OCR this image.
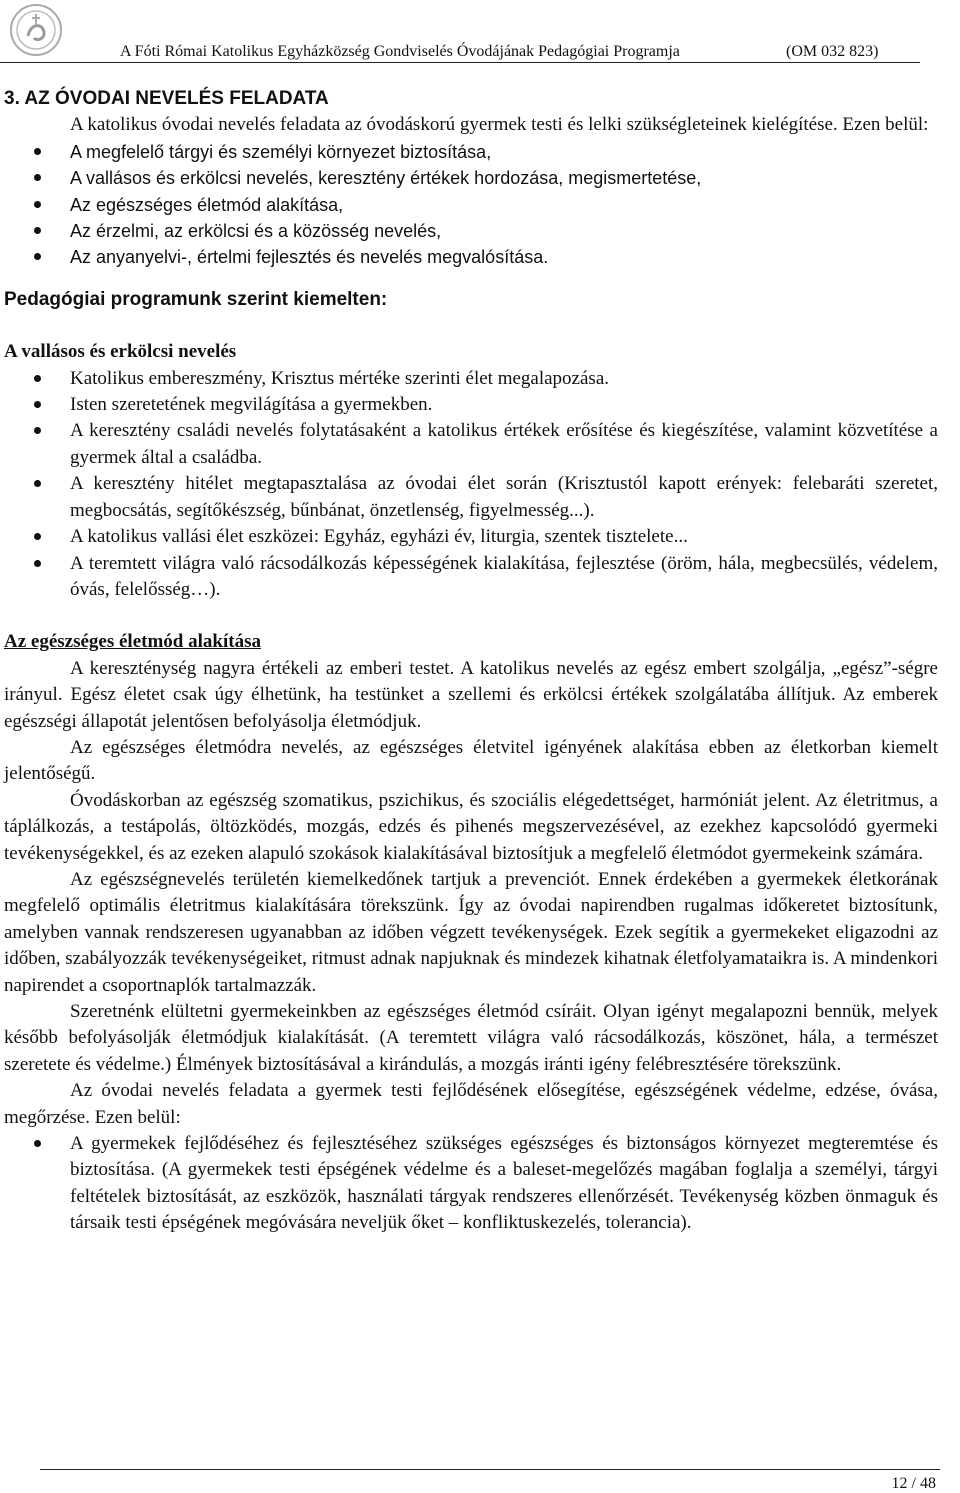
A Fóti Római Katolikus Egyházközség Gondviselés Óvodájának Pedagógiai Programja	(OM 032 823)
3. AZ ÓVODAI NEVELÉS FELADATA

A katolikus óvodai nevelés feladata az óvodáskorú gyermek testi és lelki szükségleteinek kielégítése. Ezen belül:

A megfelelő tárgyi és személyi környezet biztosítása,
A vallásos és erkölcsi nevelés, keresztény értékek hordozása, megismertetése,
Az egészséges életmód alakítása,
Az érzelmi, az erkölcsi és a közösség nevelés,
Az anyanyelvi-, értelmi fejlesztés és nevelés megvalósítása.

Pedagógiai programunk szerint kiemelten:

A vallásos és erkölcsi nevelés

Katolikus embereszmény, Krisztus mértéke szerinti élet megalapozása.
Isten szeretetének megvilágítása a gyermekben.
A keresztény családi nevelés folytatásaként a katolikus értékek erősítése és kiegészítése, valamint közvetítése a gyermek által a családba.
A keresztény hitélet megtapasztalása az óvodai élet során (Krisztustól kapott erények: felebaráti szeretet, megbocsátás, segítőkészség, bűnbánat, önzetlenség, figyelmesség...).
A katolikus vallási élet eszközei: Egyház, egyházi év, liturgia, szentek tisztelete...
A teremtett világra való rácsodálkozás képességének kialakítása, fejlesztése (öröm, hála, megbecsülés, védelem, óvás, felelősség…).

Az egészséges életmód alakítása

A kereszténység nagyra értékeli az emberi testet. A katolikus nevelés az egész embert szolgálja, „egész”-ségre irányul. Egész életet csak úgy élhetünk, ha testünket a szellemi és erkölcsi értékek szolgálatába állítjuk. Az emberek egészségi állapotát jelentősen befolyásolja életmódjuk.

Az egészséges életmódra nevelés, az egészséges életvitel igényének alakítása ebben az életkorban kiemelt jelentőségű.

Óvodáskorban az egészség szomatikus, pszichikus, és szociális elégedettséget, harmóniát jelent. Az életritmus, a táplálkozás, a testápolás, öltözködés, mozgás, edzés és pihenés megszervezésével, az ezekhez kapcsolódó gyermeki tevékenységekkel, és az ezeken alapuló szokások kialakításával biztosítjuk a megfelelő életmódot gyermekeink számára.

Az egészségnevelés területén kiemelkedőnek tartjuk a prevenciót. Ennek érdekében a gyermekek életkorának megfelelő optimális életritmus kialakítására törekszünk. Így az óvodai napirendben rugalmas időkeretet biztosítunk, amelyben vannak rendszeresen ugyanabban az időben végzett tevékenységek. Ezek segítik a gyermekeket eligazodni az időben, szabályozzák tevékenységeiket, ritmust adnak napjuknak és mindezek kihatnak életfolyamataikra is. A mindenkori napirendet a csoportnaplók tartalmazzák.

Szeretnénk elültetni gyermekeinkben az egészséges életmód csíráit. Olyan igényt megalapozni bennük, melyek később befolyásolják életmódjuk kialakítását. (A teremtett világra való rácsodálkozás, köszönet, hála, a természet szeretete és védelme.) Élmények biztosításával a kirándulás, a mozgás iránti igény felébresztésére törekszünk.

Az óvodai nevelés feladata a gyermek testi fejlődésének elősegítése, egészségének védelme, edzése, óvása, megőrzése. Ezen belül:

A gyermekek fejlődéséhez és fejlesztéséhez szükséges egészséges és biztonságos környezet megteremtése és biztosítása. (A gyermekek testi épségének védelme és a baleset-megelőzés magában foglalja a személyi, tárgyi feltételek biztosítását, az eszközök, használati tárgyak rendszeres ellenőrzését. Tevékenység közben önmaguk és társaik testi épségének megóvására neveljük őket – konfliktuskezelés, tolerancia).
12 / 48
